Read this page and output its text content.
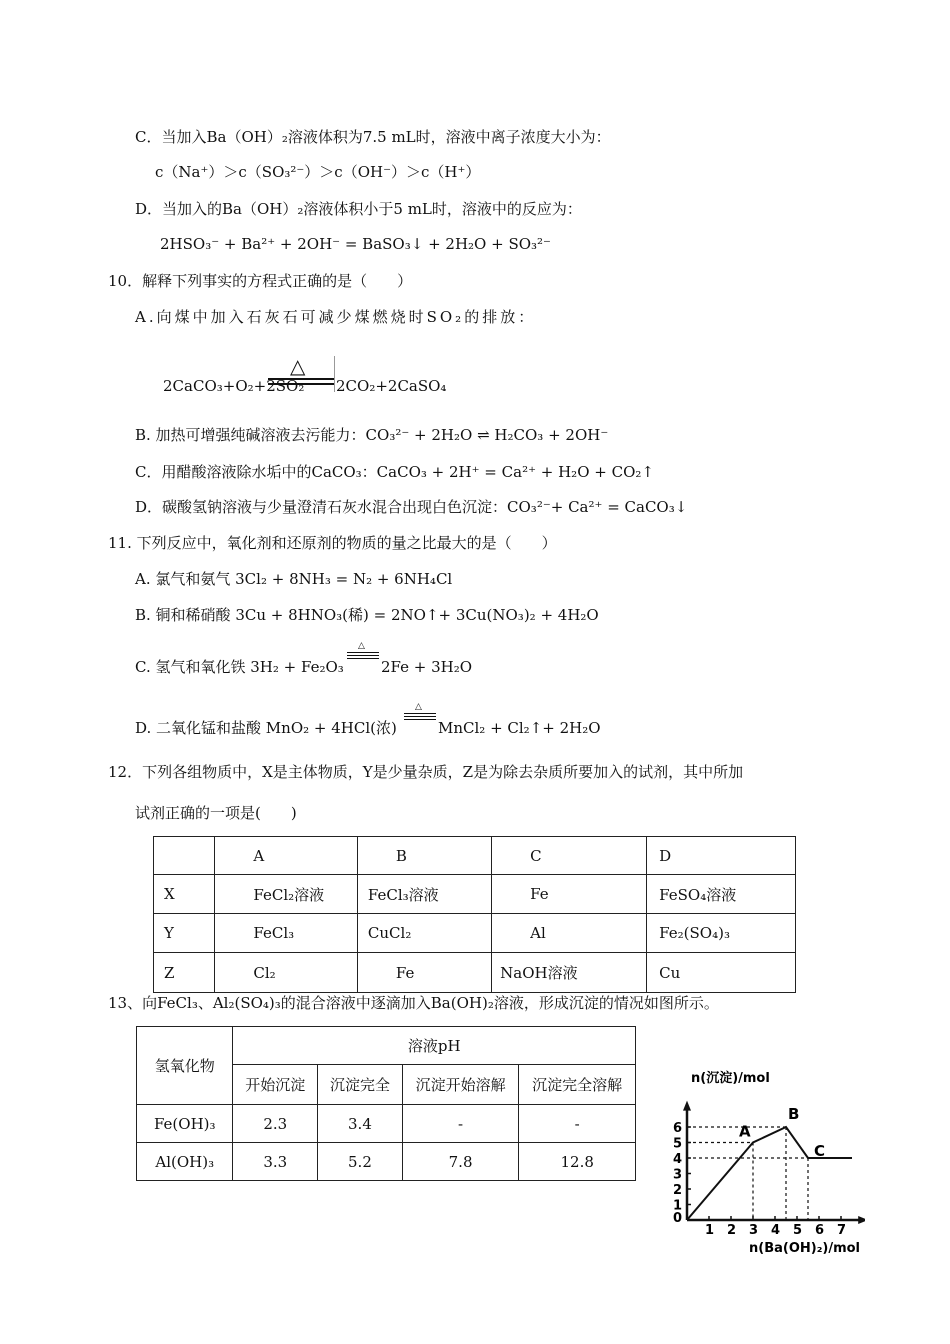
C．当加入Ba（OH）₂溶液体积为7.5 mL时，溶液中离子浓度大小为：
c（Na⁺）＞c（SO₃²⁻）＞c（OH⁻）＞c（H⁺）
D．当加入的Ba（OH）₂溶液体积小于5 mL时，溶液中的反应为：
2HSO₃⁻ + Ba²⁺ + 2OH⁻ = BaSO₃↓ + 2H₂O + SO₃²⁻
10．解释下列事实的方程式正确的是（　　）
A.向煤中加入石灰石可减少煤燃烧时SO₂的排放：
2CaCO₃+O₂+2SO₂
△
2CO₂+2CaSO₄
B. 加热可增强纯碱溶液去污能力：CO₃²⁻ + 2H₂O ⇌ H₂CO₃ + 2OH⁻
C．用醋酸溶液除水垢中的CaCO₃：CaCO₃ + 2H⁺ = Ca²⁺ + H₂O + CO₂↑
D．碳酸氢钠溶液与少量澄清石灰水混合出现白色沉淀：CO₃²⁻+ Ca²⁺ = CaCO₃↓
11. 下列反应中，氧化剂和还原剂的物质的量之比最大的是（　　）
A. 氯气和氨气 3Cl₂ + 8NH₃ = N₂ + 6NH₄Cl
B. 铜和稀硝酸 3Cu + 8HNO₃(稀) = 2NO↑+ 3Cu(NO₃)₂ + 4H₂O
C. 氢气和氧化铁 3H₂ + Fe₂O₃
△
2Fe + 3H₂O
D. 二氧化锰和盐酸 MnO₂ + 4HCl(浓)
△
MnCl₂ + Cl₂↑+ 2H₂O
12．下列各组物质中，X是主体物质，Y是少量杂质，Z是为除去杂质所要加入的试剂，其中所加
试剂正确的一项是(　　)
	A	B	C	D
X	FeCl₂溶液	FeCl₃溶液	Fe	FeSO₄溶液
Y	FeCl₃	CuCl₂	Al	Fe₂(SO₄)₃
Z	Cl₂	Fe	NaOH溶液	Cu
13、向FeCl₃、Al₂(SO₄)₃的混合溶液中逐滴加入Ba(OH)₂溶液，形成沉淀的情况如图所示。
氢氧化物	溶液pH			
	开始沉淀	沉淀完全	沉淀开始溶解	沉淀完全溶解
Fe(OH)₃	2.3	3.4	-	-
Al(OH)₃	3.3	5.2	7.8	12.8
n(沉淀)/mol
n(Ba(OH)₂)/mol
0
1 2 3 4 5 6 7
1
2
3
4
5
6	A
B
C
